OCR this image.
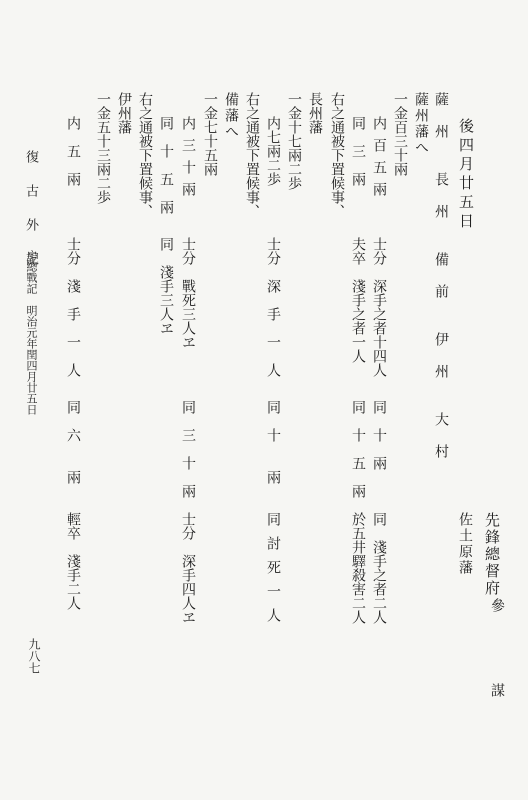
後四月廿五日

先鋒總督府

參

謀

薩　州　　長　州　　備　前　　伊　州　　大　村

佐土原藩

薩州藩へ

一金百三十兩

内百五兩

士分　深手之者十四人

同　十　兩

同　淺手之者二人

同　三　兩

夫卒　淺手之者一人

同　十　五　兩

於五井驛殺害二人

右之通被下置候事、

長州藩

一金十七兩二歩

内七兩二歩

士分　深　手　一　人

同　十　　兩

同討死一人

右之通被下置候事、

備藩へ

一金七十五兩

内三十兩

士分　戰死三人ヱ

同　三　十　兩

士分　深手四人ヱ

同　十　五　兩

同　淺手三人ヱ

右之通被下置候事、

伊州藩

一金五十三兩二歩

内　五　兩

士分　淺　手　一　人

同　六　　兩

輕卒　淺手二人

復　古　外　記

房總戰記　明治元年閏四月廿五日

九八七
